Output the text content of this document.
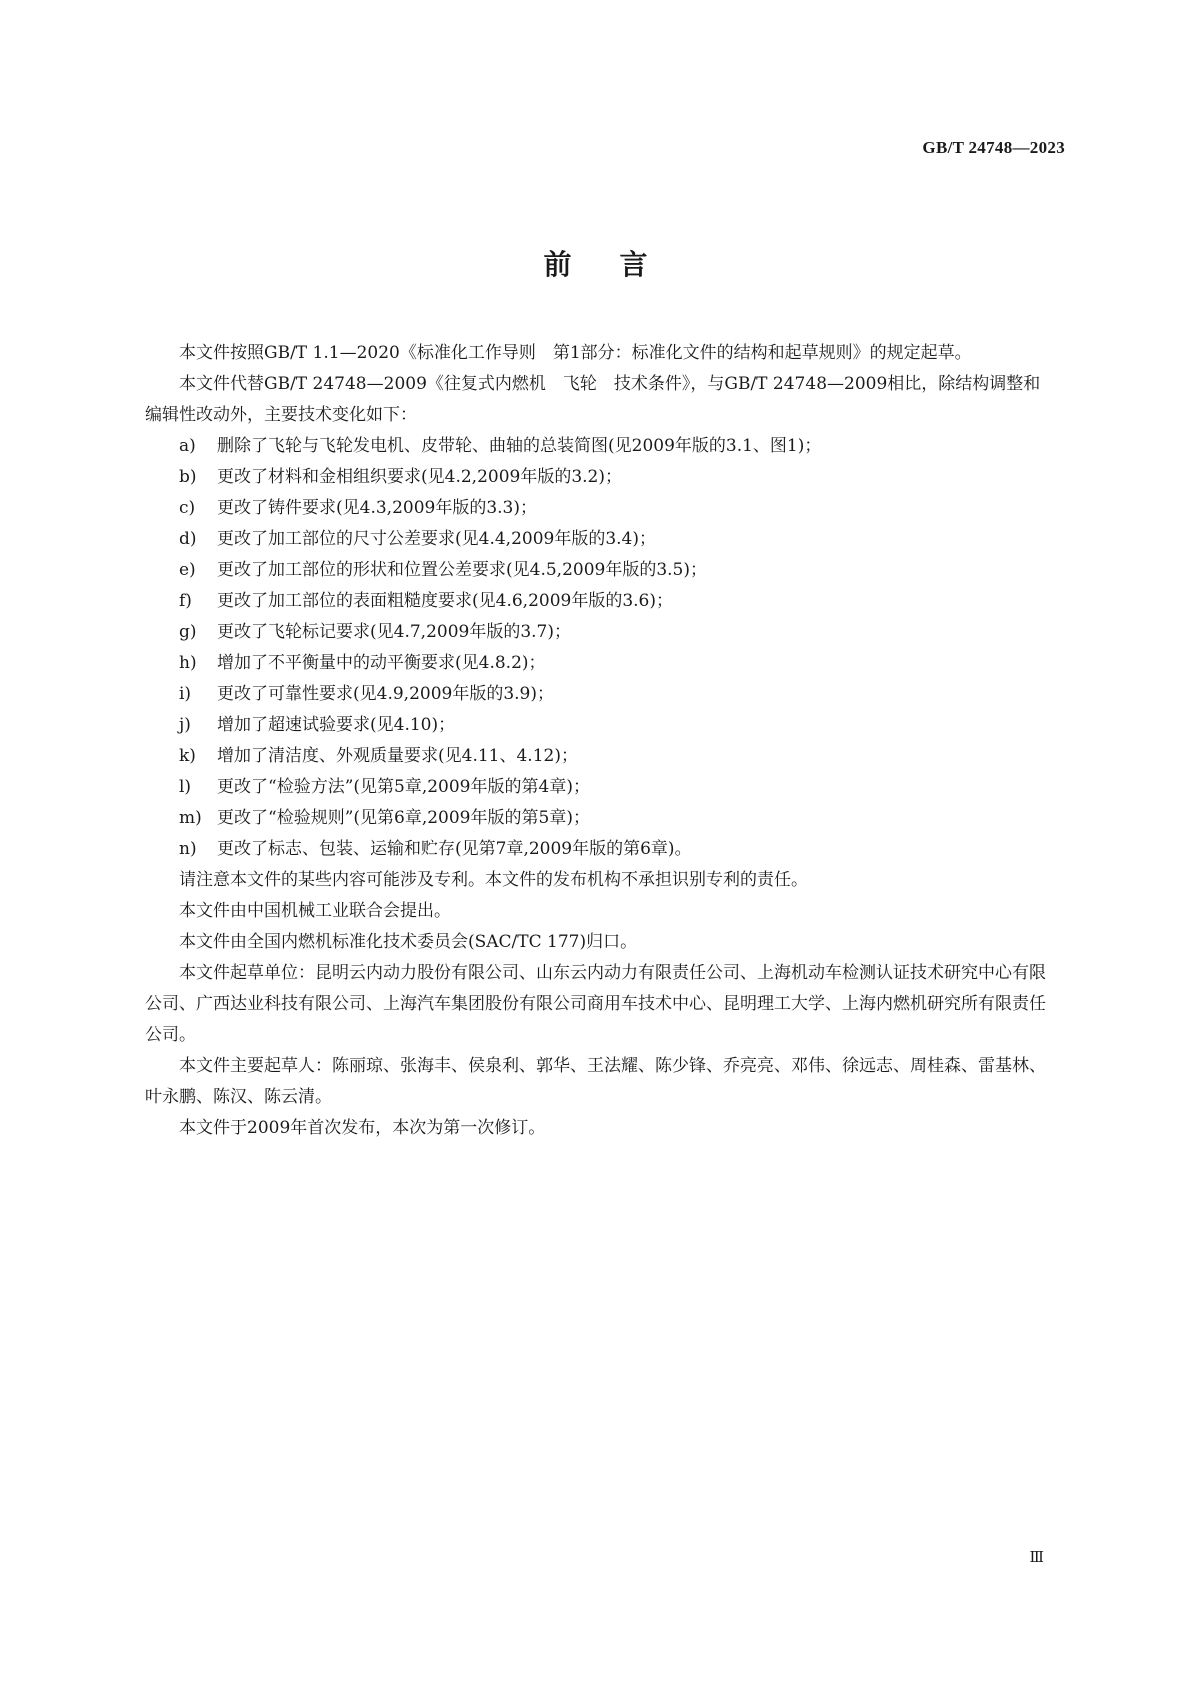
GB/T 24748—2023
前 言

本文件按照GB/T 1.1—2020《标准化工作导则　第1部分：标准化文件的结构和起草规则》的规定起草。

本文件代替GB/T 24748—2009《往复式内燃机　飞轮　技术条件》，与GB/T 24748—2009相比，除结构调整和编辑性改动外，主要技术变化如下：

a) 删除了飞轮与飞轮发电机、皮带轮、曲轴的总装简图(见2009年版的3.1、图1)；

b) 更改了材料和金相组织要求(见4.2,2009年版的3.2)；

c) 更改了铸件要求(见4.3,2009年版的3.3)；

d) 更改了加工部位的尺寸公差要求(见4.4,2009年版的3.4)；

e) 更改了加工部位的形状和位置公差要求(见4.5,2009年版的3.5)；

f) 更改了加工部位的表面粗糙度要求(见4.6,2009年版的3.6)；

g) 更改了飞轮标记要求(见4.7,2009年版的3.7)；

h) 增加了不平衡量中的动平衡要求(见4.8.2)；

i) 更改了可靠性要求(见4.9,2009年版的3.9)；

j) 增加了超速试验要求(见4.10)；

k) 增加了清洁度、外观质量要求(见4.11、4.12)；

l) 更改了“检验方法”(见第5章,2009年版的第4章)；

m) 更改了“检验规则”(见第6章,2009年版的第5章)；

n) 更改了标志、包装、运输和贮存(见第7章,2009年版的第6章)。

请注意本文件的某些内容可能涉及专利。本文件的发布机构不承担识别专利的责任。

本文件由中国机械工业联合会提出。

本文件由全国内燃机标准化技术委员会(SAC/TC 177)归口。

本文件起草单位：昆明云内动力股份有限公司、山东云内动力有限责任公司、上海机动车检测认证技术研究中心有限公司、广西达业科技有限公司、上海汽车集团股份有限公司商用车技术中心、昆明理工大学、上海内燃机研究所有限责任公司。

本文件主要起草人：陈丽琼、张海丰、侯泉利、郭华、王法耀、陈少锋、乔亮亮、邓伟、徐远志、周桂森、雷基林、叶永鹏、陈汉、陈云清。

本文件于2009年首次发布，本次为第一次修订。

Ⅲ
